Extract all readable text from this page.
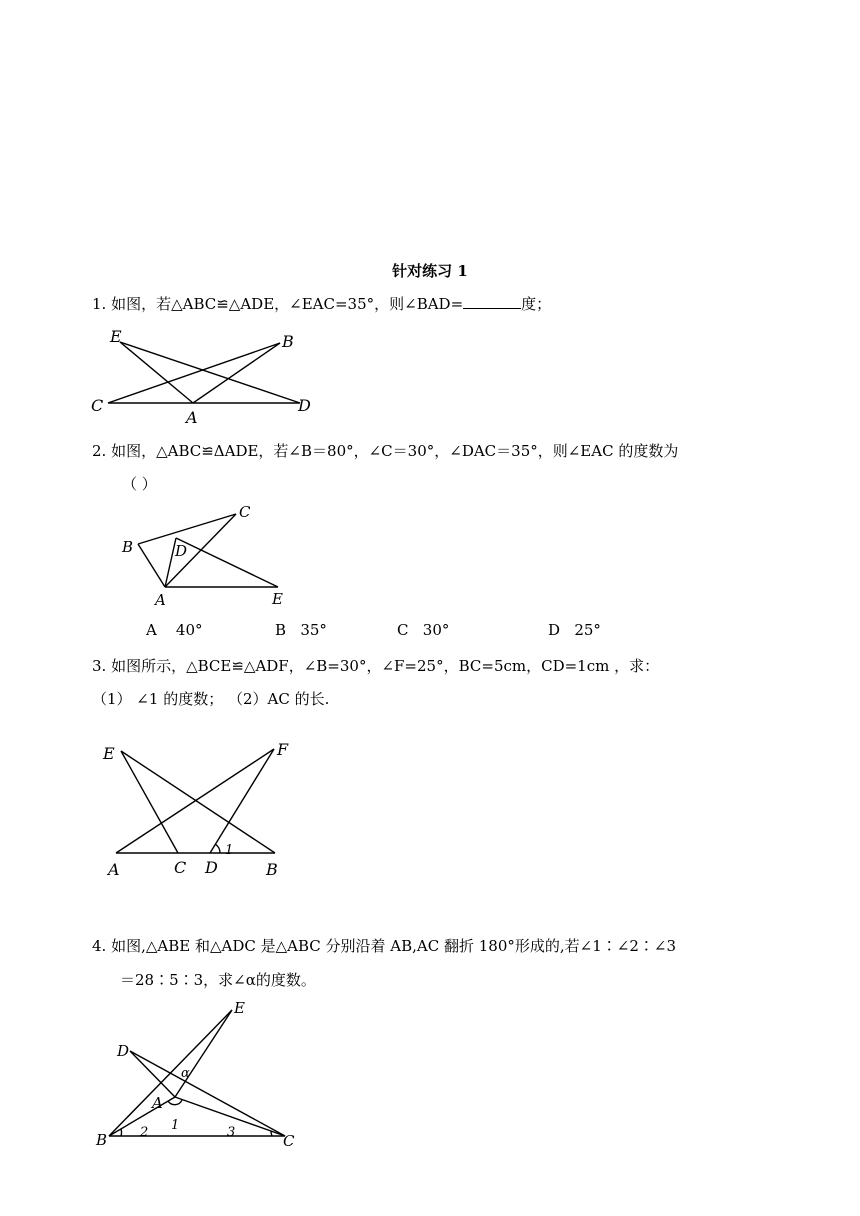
针对练习 1
1. 如图，若△ABC≌△ADE，∠EAC=35°，则∠BAD=	度；
E	B
C
A
D
2. 如图，△ABC≌ΔADE，若∠B＝80°，∠C＝30°，∠DAC＝35°，则∠EAC 的度数为
（ ）
B
C
D
A	E
A 40°	B 35°	C 30°	D 25°
3. 如图所示，△BCE≌△ADF，∠B=30°，∠F=25°，BC=5cm，CD=1cm ，求：
（1） ∠1 的度数； （2）AC 的长.
E	F
A	C D	B
1
4. 如图,△ABE 和△ADC 是△ABC 分别沿着 AB,AC 翻折 180°形成的,若∠1∶∠2∶∠3
＝28∶5∶3，求∠α的度数。
E
D
α
A
1
B	2	3	C
